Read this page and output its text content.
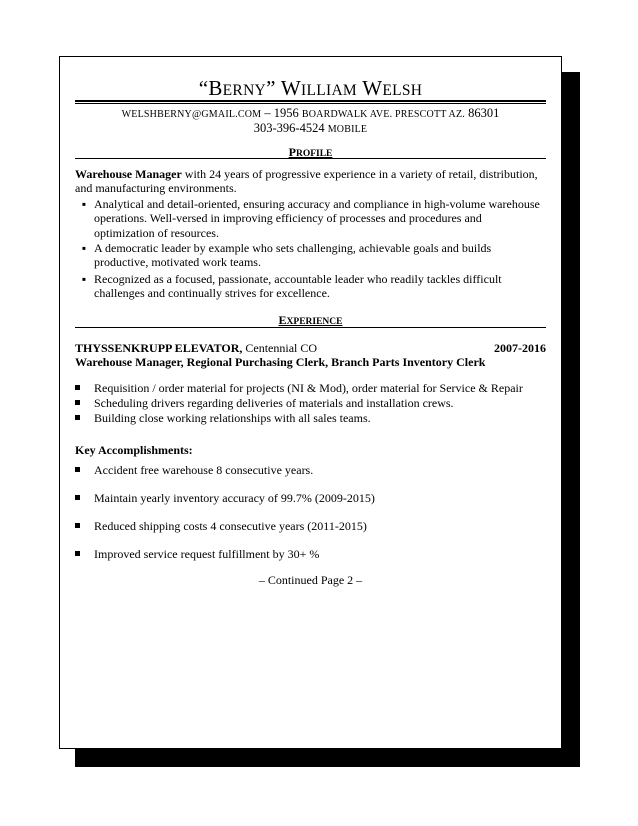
“BERNY” WILLIAM WELSH
WELSHBERNY@GMAIL.COM – 1956 BOARDWALK AVE. PRESCOTT AZ. 86301
303-396-4524 MOBILE
PROFILE
Warehouse Manager with 24 years of progressive experience in a variety of retail, distribution, and manufacturing environments.
▪ Analytical and detail-oriented, ensuring accuracy and compliance in high-volume warehouse operations. Well-versed in improving efficiency of processes and procedures and optimization of resources.
▪ A democratic leader by example who sets challenging, achievable goals and builds productive, motivated work teams.
▪ Recognized as a focused, passionate, accountable leader who readily tackles difficult challenges and continually strives for excellence.
EXPERIENCE
THYSSENKRUPP ELEVATOR, Centennial CO	2007-2016
Warehouse Manager, Regional Purchasing Clerk, Branch Parts Inventory Clerk
Requisition / order material for projects (NI & Mod), order material for Service & Repair
Scheduling drivers regarding deliveries of materials and installation crews.
Building close working relationships with all sales teams.
Key Accomplishments:
Accident free warehouse 8 consecutive years.
Maintain yearly inventory accuracy of 99.7% (2009-2015)
Reduced shipping costs 4 consecutive years (2011-2015)
Improved service request fulfillment by 30+ %
– Continued Page 2 –
